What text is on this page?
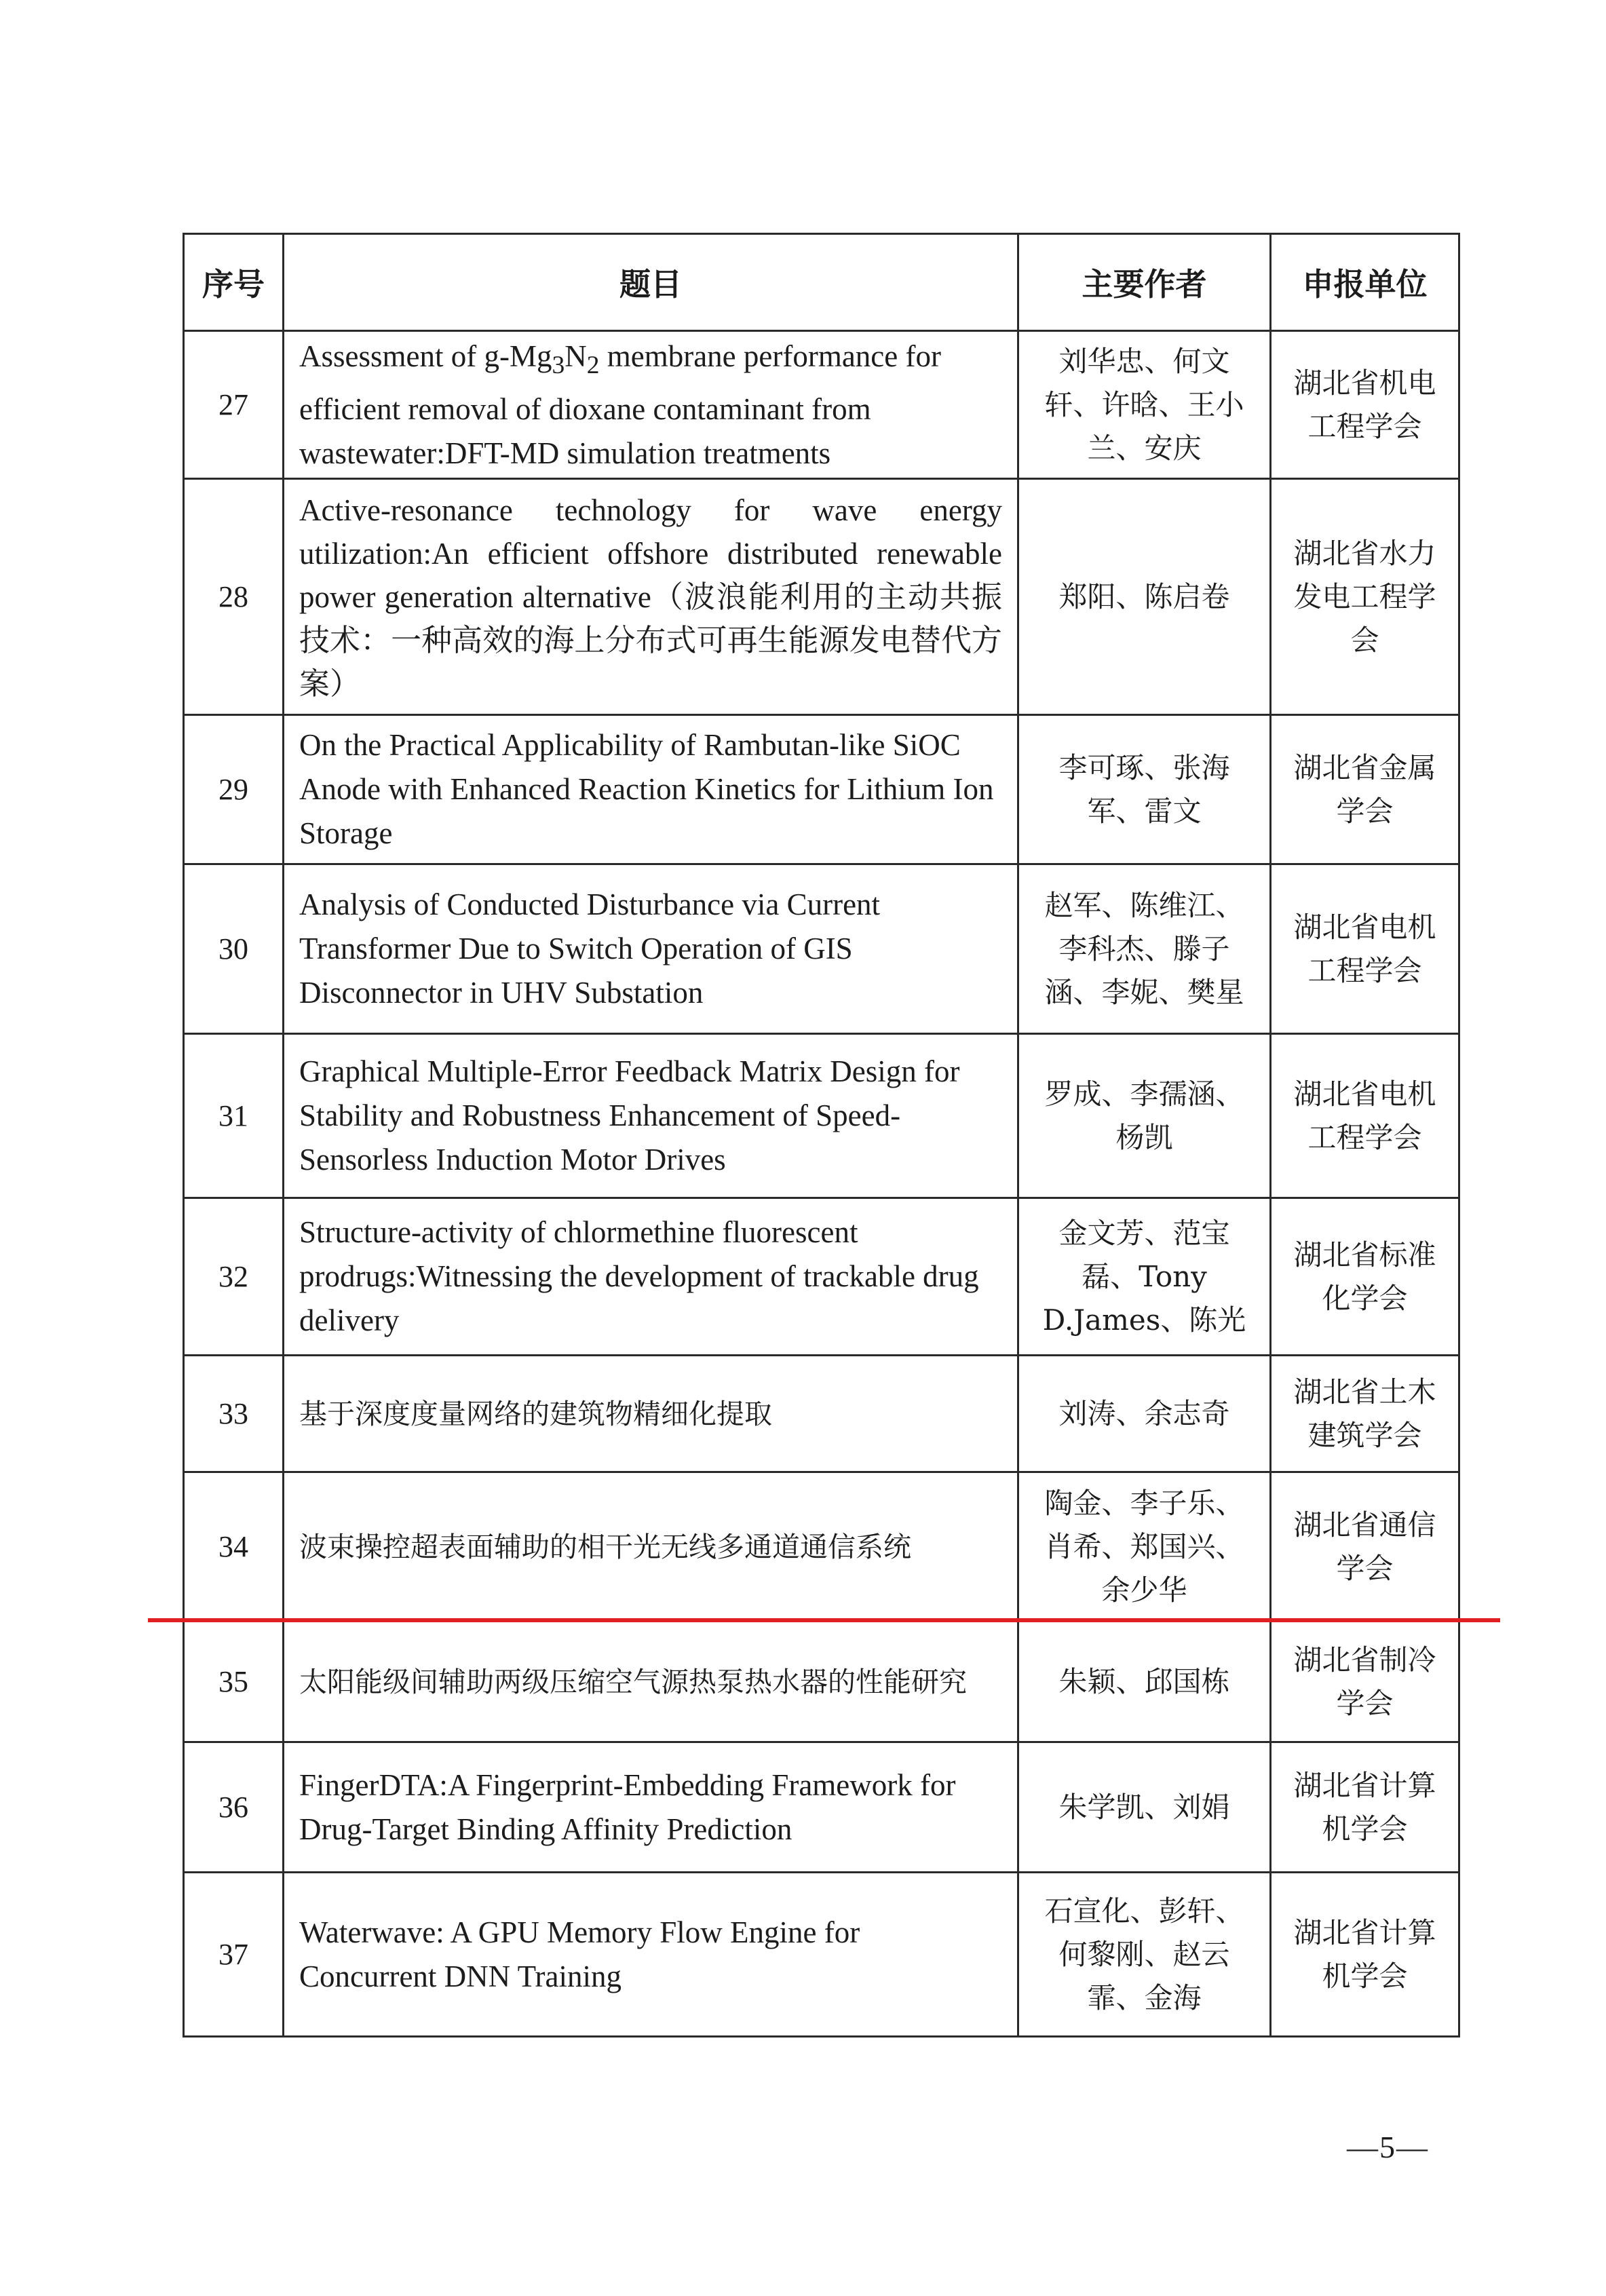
序号	题目	主要作者	申报单位
27	Assessment of $g-Mg_3N_2$ membrane performance for efficient removal of dioxane contaminant from wastewater:DFT-MD simulation treatments	刘华忠、何文轩、许晗、王小兰、安庆	湖北省机电工程学会
28	Active-resonance technology for wave energy utilization:An efficient offshore distributed renewable power generation alternative（波浪能利用的主动共振技术：一种高效的海上分布式可再生能源发电替代方案）	郑阳、陈启卷	湖北省水力发电工程学会
29	On the Practical Applicability of Rambutan-like SiOC Anode with Enhanced Reaction Kinetics for Lithium Ion Storage	李可琢、张海军、雷文	湖北省金属学会
30	Analysis of Conducted Disturbance via Current Transformer Due to Switch Operation of GIS Disconnector in UHV Substation	赵军、陈维江、李科杰、滕子涵、李妮、樊星	湖北省电机工程学会
31	Graphical Multiple-Error Feedback Matrix Design for Stability and Robustness Enhancement of Speed-Sensorless Induction Motor Drives	罗成、李孺涵、杨凯	湖北省电机工程学会
32	Structure-activity of chlormethine fluorescent prodrugs:Witnessing the development of trackable drug delivery	金文芳、范宝磊、Tony D.James、陈光	湖北省标准化学会
33	基于深度度量网络的建筑物精细化提取	刘涛、余志奇	湖北省土木建筑学会
34	波束操控超表面辅助的相干光无线多通道通信系统	陶金、李子乐、肖希、郑国兴、余少华	湖北省通信学会
35	太阳能级间辅助两级压缩空气源热泵热水器的性能研究	朱颖、邱国栋	湖北省制冷学会
36	FingerDTA:A Fingerprint-Embedding Framework for Drug-Target Binding Affinity Prediction	朱学凯、刘娟	湖北省计算机学会
37	Waterwave: A GPU Memory Flow Engine for Concurrent DNN Training	石宣化、彭轩、何黎刚、赵云霏、金海	湖北省计算机学会
—5—
